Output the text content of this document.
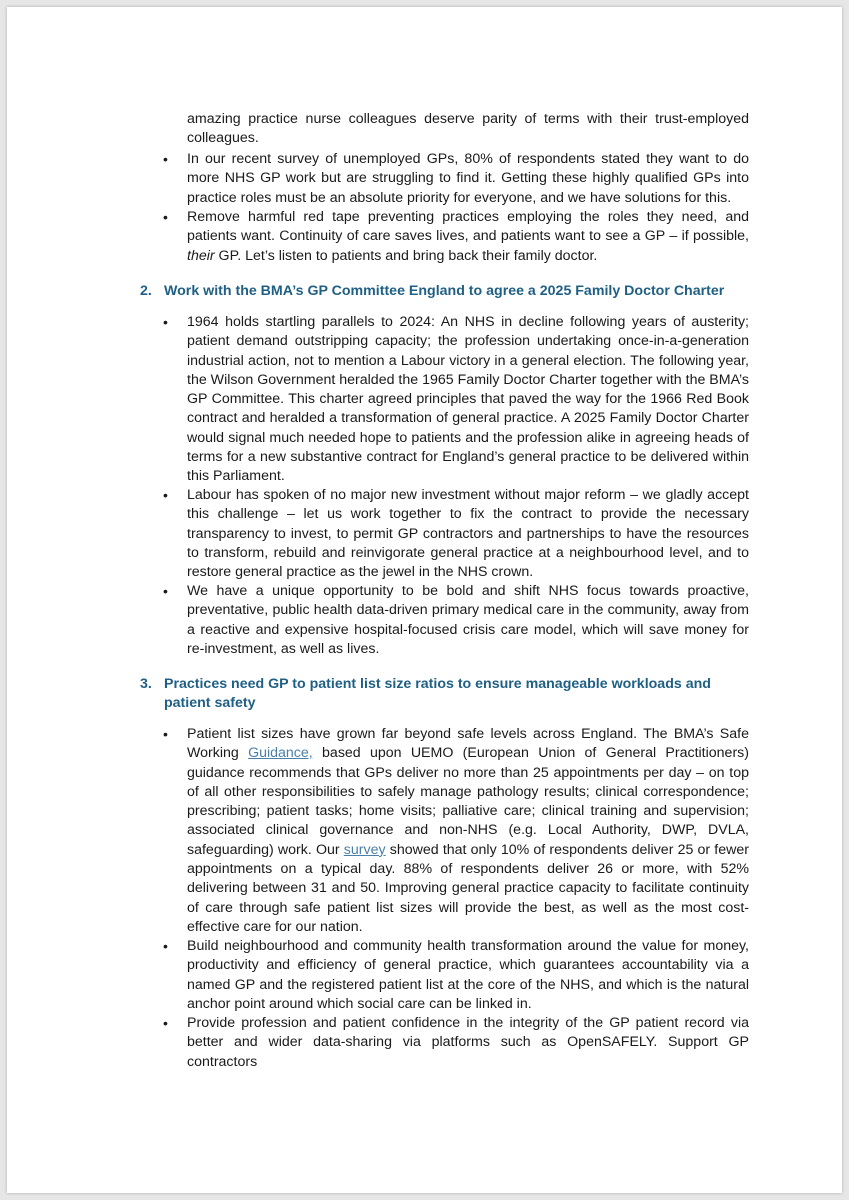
amazing practice nurse colleagues deserve parity of terms with their trust-employed colleagues.
• In our recent survey of unemployed GPs, 80% of respondents stated they want to do more NHS GP work but are struggling to find it. Getting these highly qualified GPs into practice roles must be an absolute priority for everyone, and we have solutions for this.
• Remove harmful red tape preventing practices employing the roles they need, and patients want. Continuity of care saves lives, and patients want to see a GP – if possible, their GP. Let’s listen to patients and bring back their family doctor.
2. Work with the BMA’s GP Committee England to agree a 2025 Family Doctor Charter
• 1964 holds startling parallels to 2024: An NHS in decline following years of austerity; patient demand outstripping capacity; the profession undertaking once-in-a-generation industrial action, not to mention a Labour victory in a general election. The following year, the Wilson Government heralded the 1965 Family Doctor Charter together with the BMA’s GP Committee. This charter agreed principles that paved the way for the 1966 Red Book contract and heralded a transformation of general practice. A 2025 Family Doctor Charter would signal much needed hope to patients and the profession alike in agreeing heads of terms for a new substantive contract for England’s general practice to be delivered within this Parliament.
• Labour has spoken of no major new investment without major reform – we gladly accept this challenge – let us work together to fix the contract to provide the necessary transparency to invest, to permit GP contractors and partnerships to have the resources to transform, rebuild and reinvigorate general practice at a neighbourhood level, and to restore general practice as the jewel in the NHS crown.
• We have a unique opportunity to be bold and shift NHS focus towards proactive, preventative, public health data-driven primary medical care in the community, away from a reactive and expensive hospital-focused crisis care model, which will save money for re-investment, as well as lives.
3. Practices need GP to patient list size ratios to ensure manageable workloads and patient safety
• Patient list sizes have grown far beyond safe levels across England. The BMA’s Safe Working Guidance, based upon UEMO (European Union of General Practitioners) guidance recommends that GPs deliver no more than 25 appointments per day – on top of all other responsibilities to safely manage pathology results; clinical correspondence; prescribing; patient tasks; home visits; palliative care; clinical training and supervision; associated clinical governance and non-NHS (e.g. Local Authority, DWP, DVLA, safeguarding) work. Our survey showed that only 10% of respondents deliver 25 or fewer appointments on a typical day. 88% of respondents deliver 26 or more, with 52% delivering between 31 and 50. Improving general practice capacity to facilitate continuity of care through safe patient list sizes will provide the best, as well as the most cost-effective care for our nation.
• Build neighbourhood and community health transformation around the value for money, productivity and efficiency of general practice, which guarantees accountability via a named GP and the registered patient list at the core of the NHS, and which is the natural anchor point around which social care can be linked in.
• Provide profession and patient confidence in the integrity of the GP patient record via better and wider data-sharing via platforms such as OpenSAFELY. Support GP contractors
